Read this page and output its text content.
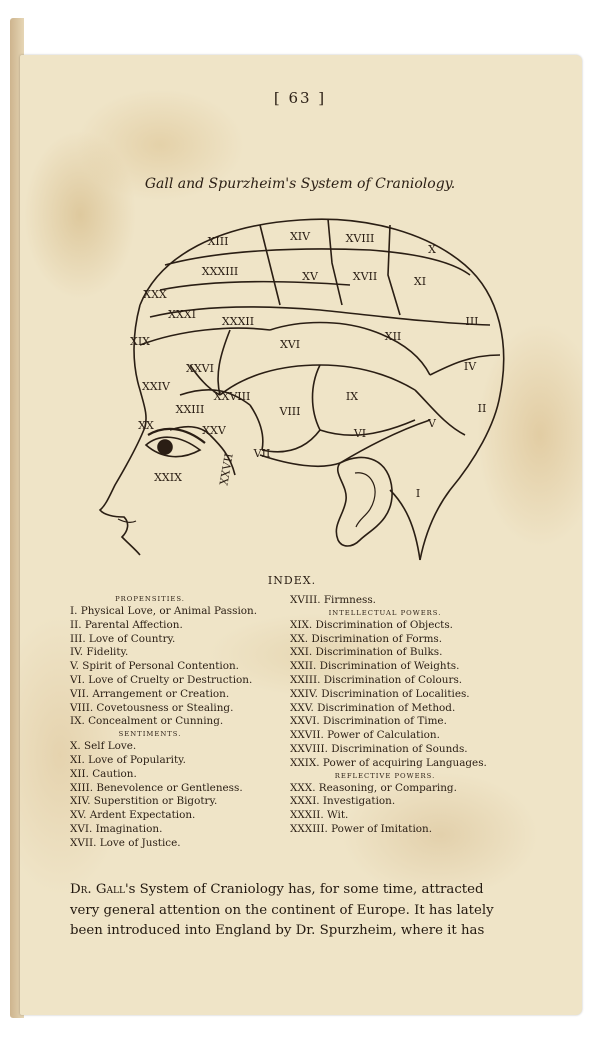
[ 63 ]
Gall and Spurzheim's System of Craniology.
XIII	XIV	XVIII
X
XXXIII	XV	XVII	XI
XXX
XXXI
XXXII	III
XIX	XII
XVI
IV
XXVI
XXIV
XXVIII	IX
VIII	II
XXIII
V
XXV
XX
VI
VII
XXVII
XXIX
I
INDEX.
PROPENSITIES.
I. Physical Love, or Animal Passion.
II. Parental Affection.
III. Love of Country.
IV. Fidelity.
V. Spirit of Personal Contention.
VI. Love of Cruelty or Destruction.
VII. Arrangement or Creation.
VIII. Covetousness or Stealing.
IX. Concealment or Cunning.
SENTIMENTS.
X. Self Love.
XI. Love of Popularity.
XII. Caution.
XIII. Benevolence or Gentleness.
XIV. Superstition or Bigotry.
XV. Ardent Expectation.
XVI. Imagination.
XVII. Love of Justice.
XVIII. Firmness.
INTELLECTUAL POWERS.
XIX. Discrimination of Objects.
XX. Discrimination of Forms.
XXI. Discrimination of Bulks.
XXII. Discrimination of Weights.
XXIII. Discrimination of Colours.
XXIV. Discrimination of Localities.
XXV. Discrimination of Method.
XXVI. Discrimination of Time.
XXVII. Power of Calculation.
XXVIII. Discrimination of Sounds.
XXIX. Power of acquiring Languages.
REFLECTIVE POWERS.
XXX. Reasoning, or Comparing.
XXXI. Investigation.
XXXII. Wit.
XXXIII. Power of Imitation.
Dr. Gall's System of Craniology has, for some time, attracted
very general attention on the continent of Europe. It has lately
been introduced into England by Dr. Spurzheim, where it has
